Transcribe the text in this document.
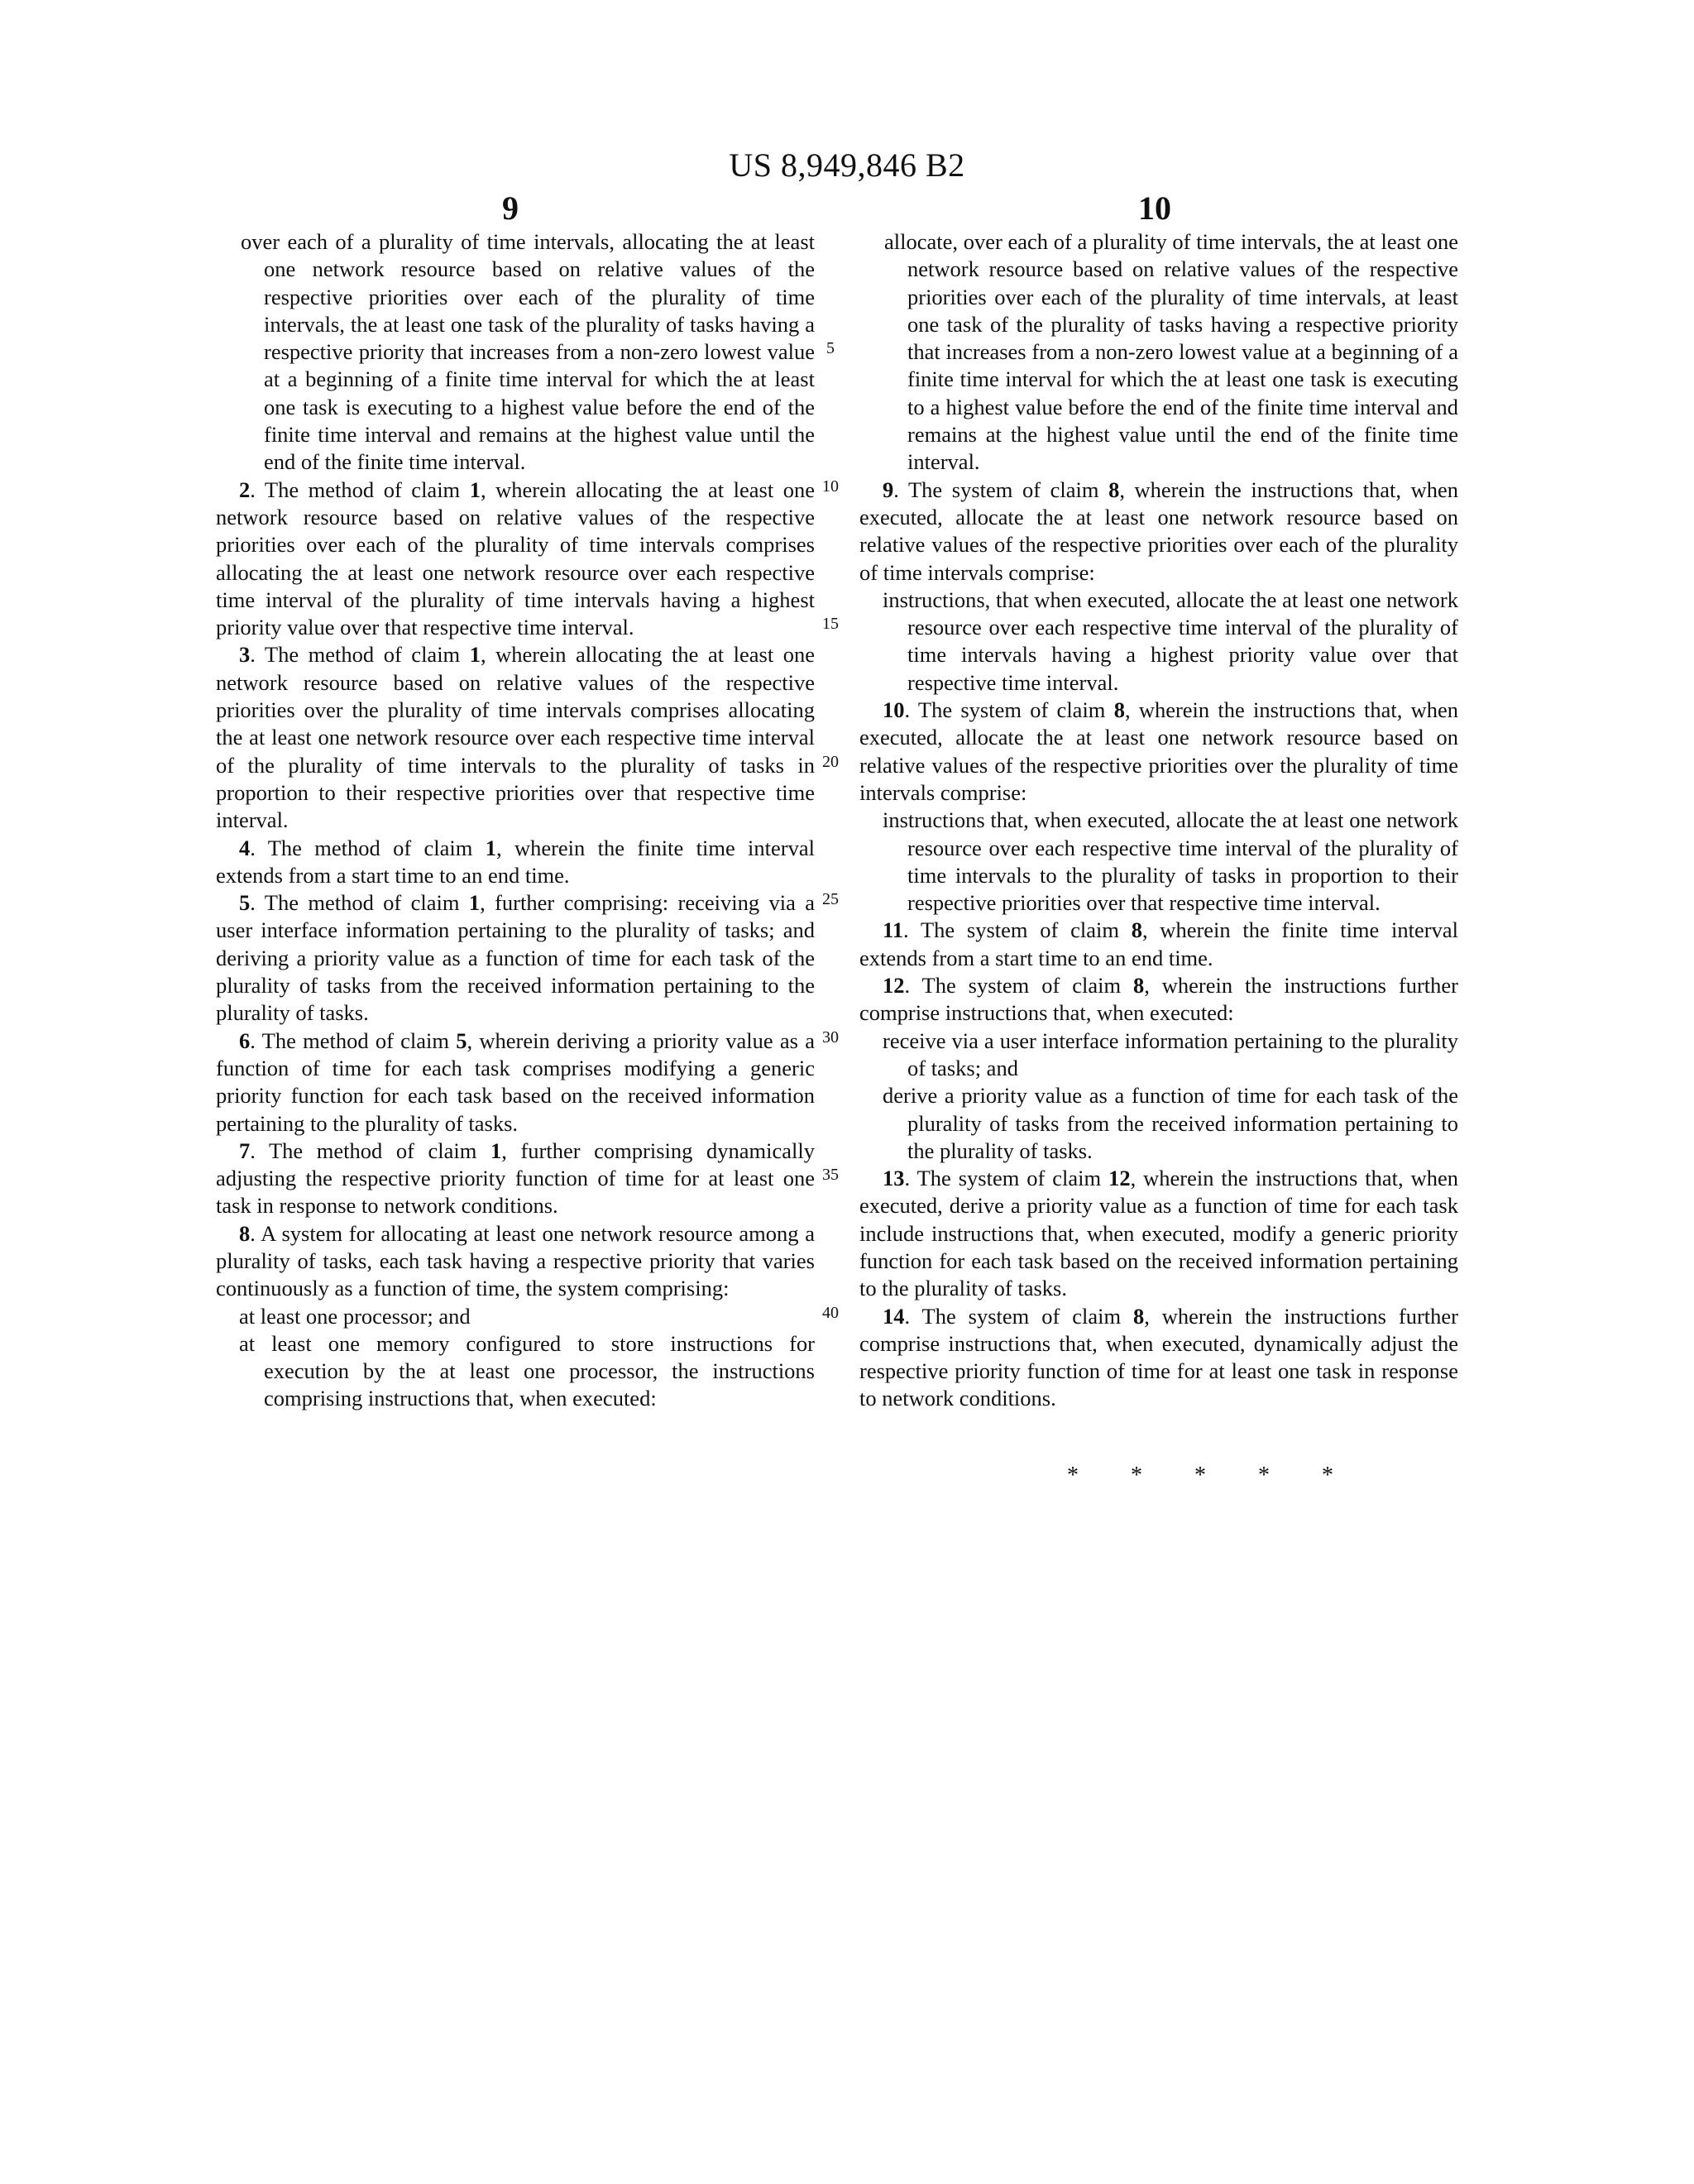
US 8,949,846 B2
9	10

over each of a plurality of time intervals, allocating the at least one network resource based on relative values of the respective priorities over each of the plurality of time intervals, the at least one task of the plurality of tasks having a respective priority that increases from a non-zero lowest value at a beginning of a finite time interval for which the at least one task is executing to a highest value before the end of the finite time interval and remains at the highest value until the end of the finite time interval.

2. The method of claim 1, wherein allocating the at least one network resource based on relative values of the respective priorities over each of the plurality of time intervals comprises allocating the at least one network resource over each respective time interval of the plurality of time intervals having a highest priority value over that respective time interval.

3. The method of claim 1, wherein allocating the at least one network resource based on relative values of the respective priorities over the plurality of time intervals comprises allocating the at least one network resource over each respective time interval of the plurality of time intervals to the plurality of tasks in proportion to their respective priorities over that respective time interval.

4. The method of claim 1, wherein the finite time interval extends from a start time to an end time.

5. The method of claim 1, further comprising: receiving via a user interface information pertaining to the plurality of tasks; and deriving a priority value as a function of time for each task of the plurality of tasks from the received information pertaining to the plurality of tasks.

6. The method of claim 5, wherein deriving a priority value as a function of time for each task comprises modifying a generic priority function for each task based on the received information pertaining to the plurality of tasks.

7. The method of claim 1, further comprising dynamically adjusting the respective priority function of time for at least one task in response to network conditions.

8. A system for allocating at least one network resource among a plurality of tasks, each task having a respective priority that varies continuously as a function of time, the system comprising:

at least one processor; and

at least one memory configured to store instructions for execution by the at least one processor, the instructions comprising instructions that, when executed:

5
10
15
20
25
30
35
40

allocate, over each of a plurality of time intervals, the at least one network resource based on relative values of the respective priorities over each of the plurality of time intervals, at least one task of the plurality of tasks having a respective priority that increases from a non-zero lowest value at a beginning of a finite time interval for which the at least one task is executing to a highest value before the end of the finite time interval and remains at the highest value until the end of the finite time interval.

9. The system of claim 8, wherein the instructions that, when executed, allocate the at least one network resource based on relative values of the respective priorities over each of the plurality of time intervals comprise:

instructions, that when executed, allocate the at least one network resource over each respective time interval of the plurality of time intervals having a highest priority value over that respective time interval.

10. The system of claim 8, wherein the instructions that, when executed, allocate the at least one network resource based on relative values of the respective priorities over the plurality of time intervals comprise:

instructions that, when executed, allocate the at least one network resource over each respective time interval of the plurality of time intervals to the plurality of tasks in proportion to their respective priorities over that respective time interval.

11. The system of claim 8, wherein the finite time interval extends from a start time to an end time.

12. The system of claim 8, wherein the instructions further comprise instructions that, when executed:

receive via a user interface information pertaining to the plurality of tasks; and

derive a priority value as a function of time for each task of the plurality of tasks from the received information pertaining to the plurality of tasks.

13. The system of claim 12, wherein the instructions that, when executed, derive a priority value as a function of time for each task include instructions that, when executed, modify a generic priority function for each task based on the received information pertaining to the plurality of tasks.

14. The system of claim 8, wherein the instructions further comprise instructions that, when executed, dynamically adjust the respective priority function of time for at least one task in response to network conditions.

* * * * *
